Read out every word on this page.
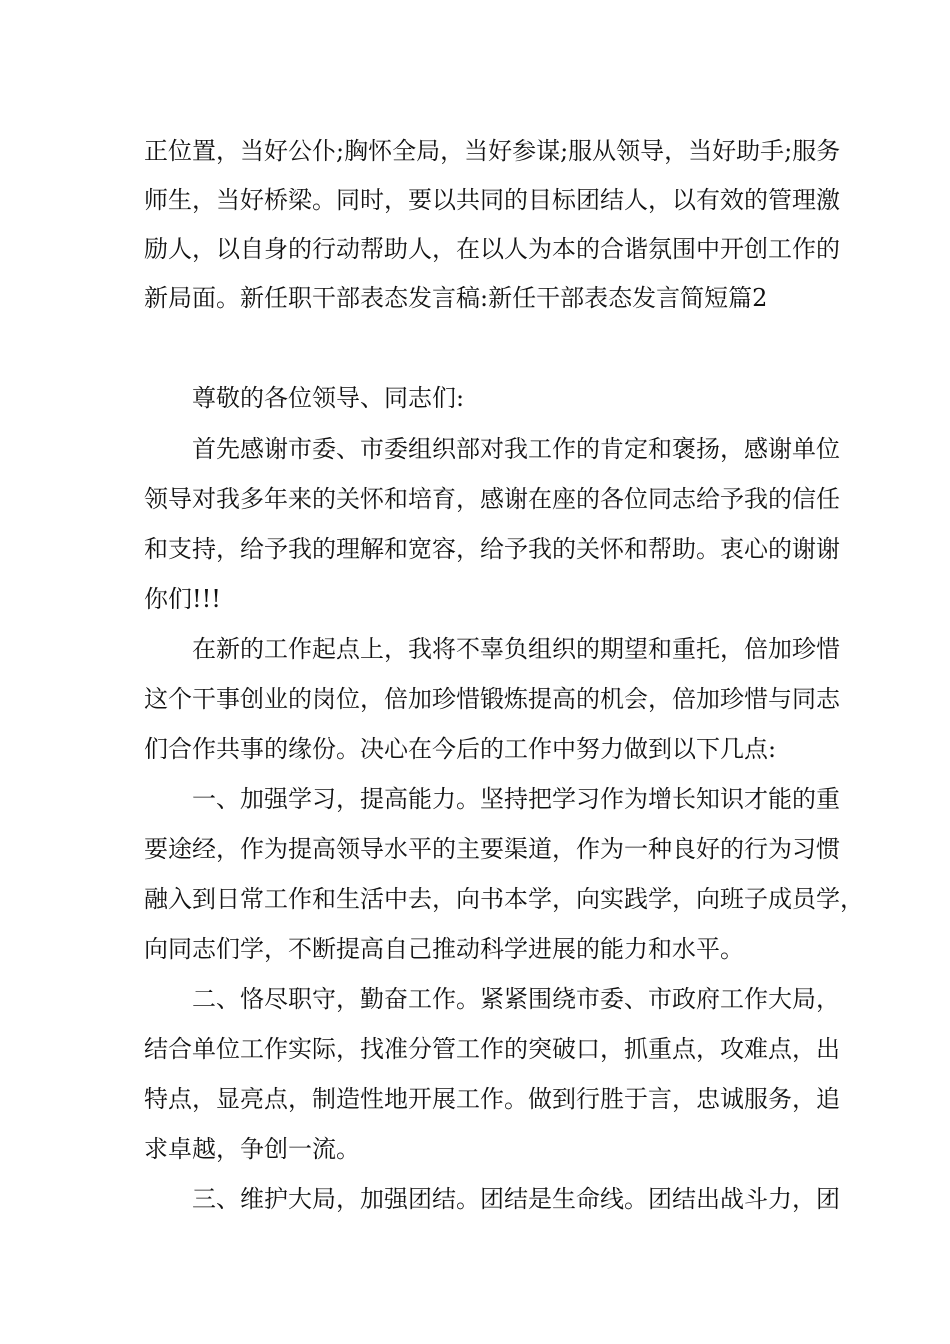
正位置，当好公仆;胸怀全局，当好参谋;服从领导，当好助手;服务
师生，当好桥梁。同时，要以共同的目标团结人，以有效的管理激
励人，以自身的行动帮助人，在以人为本的合谐氛围中开创工作的
新局面。新任职干部表态发言稿:新任干部表态发言简短篇2
尊敬的各位领导、同志们:
首先感谢市委、市委组织部对我工作的肯定和褒扬，感谢单位
领导对我多年来的关怀和培育，感谢在座的各位同志给予我的信任
和支持，给予我的理解和宽容，给予我的关怀和帮助。衷心的谢谢
你们!!!
在新的工作起点上，我将不辜负组织的期望和重托，倍加珍惜
这个干事创业的岗位，倍加珍惜锻炼提高的机会，倍加珍惜与同志
们合作共事的缘份。决心在今后的工作中努力做到以下几点:
一、加强学习，提高能力。坚持把学习作为增长知识才能的重
要途经，作为提高领导水平的主要渠道，作为一种良好的行为习惯
融入到日常工作和生活中去，向书本学，向实践学，向班子成员学，
向同志们学，不断提高自己推动科学进展的能力和水平。
二、恪尽职守，勤奋工作。紧紧围绕市委、市政府工作大局，
结合单位工作实际，找准分管工作的突破口，抓重点，攻难点，出
特点，显亮点，制造性地开展工作。做到行胜于言，忠诚服务，追
求卓越，争创一流。
三、维护大局，加强团结。团结是生命线。团结出战斗力，团
